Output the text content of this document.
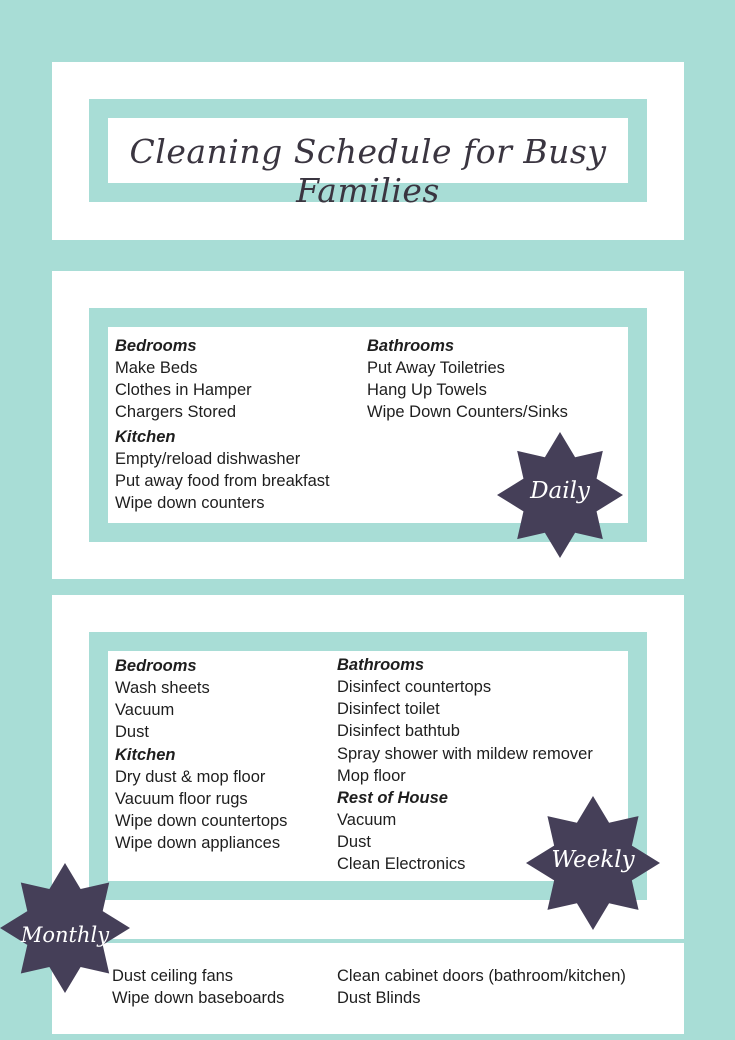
Cleaning Schedule for Busy Families
Bedrooms
Make Beds
Clothes in Hamper
Chargers Stored
Kitchen
Empty/reload dishwasher
Put away food from breakfast
Wipe down counters
Bathrooms
Put Away Toiletries
Hang Up Towels
Wipe Down Counters/Sinks
Bedrooms
Wash sheets
Vacuum
Dust
Kitchen
Dry dust & mop floor
Vacuum floor rugs
Wipe down countertops
Wipe down appliances
Bathrooms
Disinfect countertops
Disinfect toilet
Disinfect bathtub
Spray shower with mildew remover
Mop floor
Rest of House
Vacuum
Dust
Clean Electronics
Dust ceiling fans
Wipe down baseboards
Clean cabinet doors (bathroom/kitchen)
Dust Blinds
Daily
Weekly
Monthly
